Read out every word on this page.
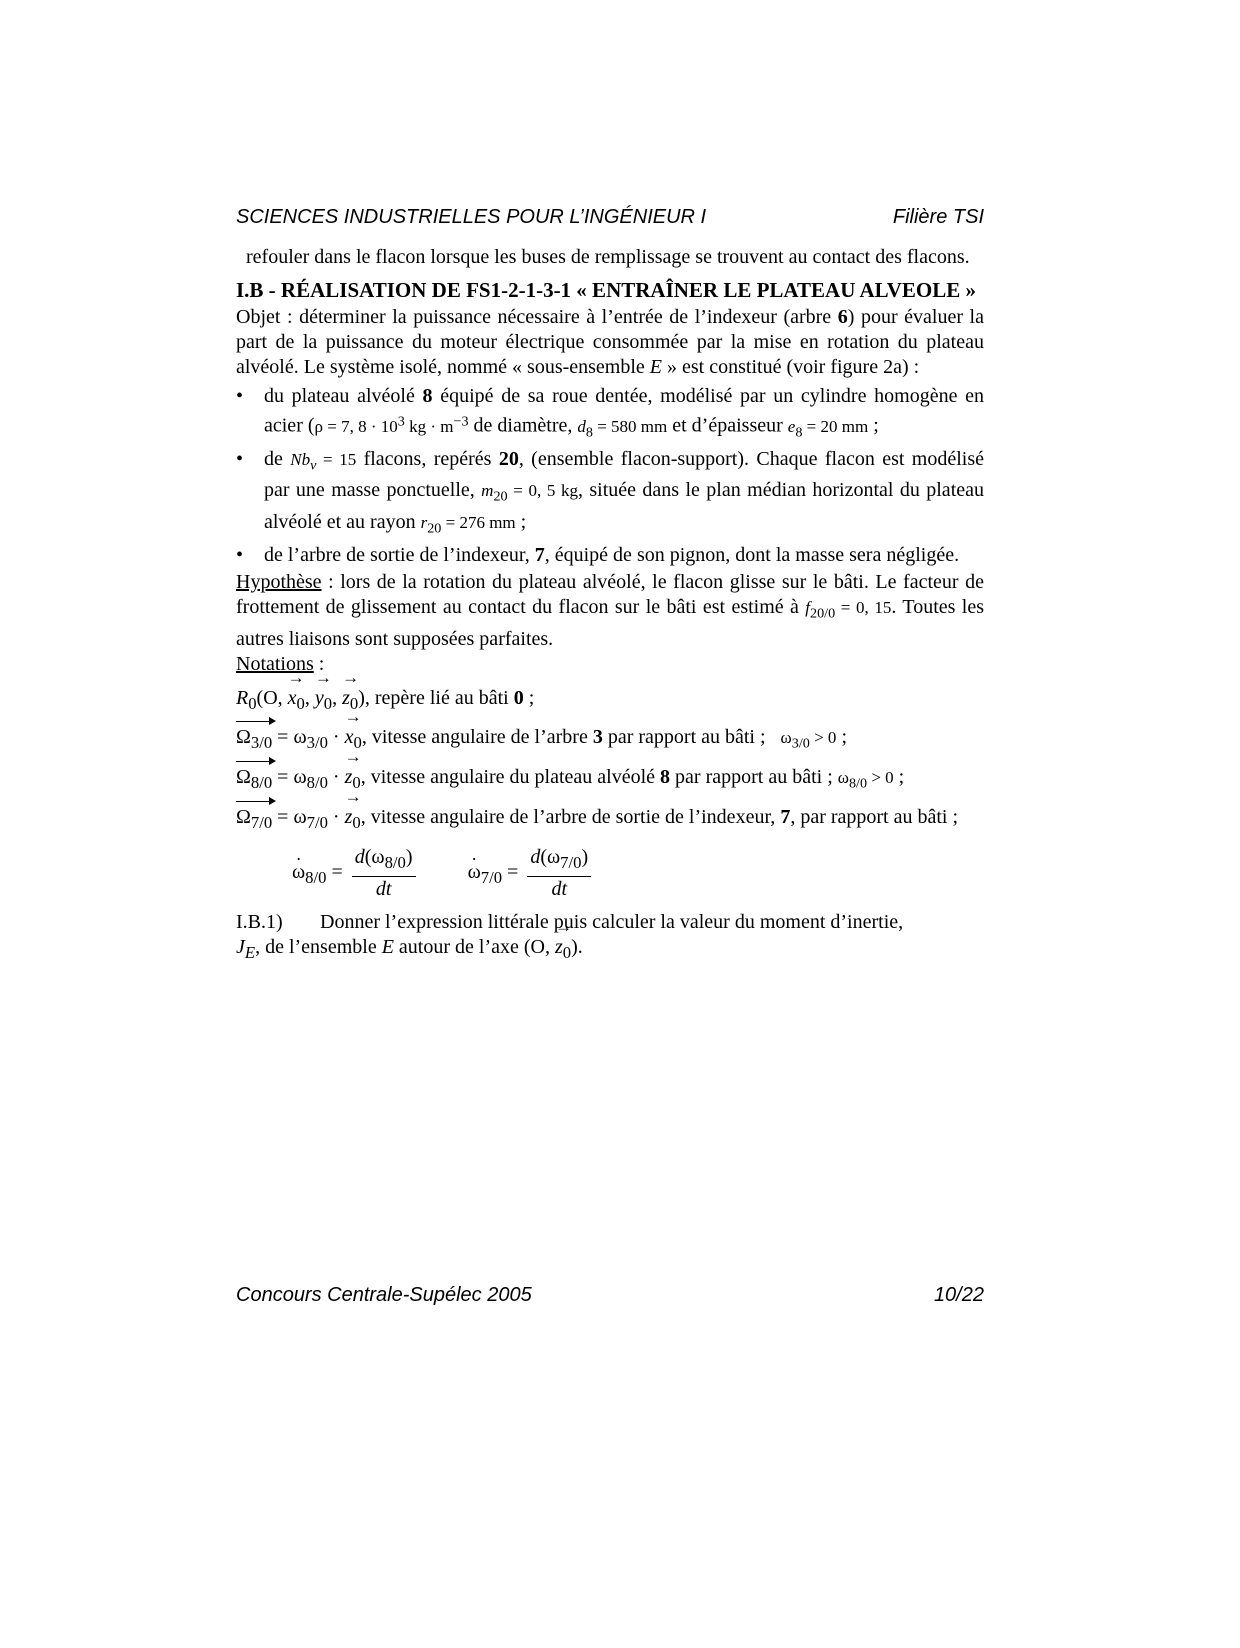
SCIENCES INDUSTRIELLES POUR L’INGÉNIEUR I	Filière TSI

refouler dans le flacon lorsque les buses de remplissage se trouvent au contact des flacons.

I.B - RÉALISATION DE FS1-2-1-3-1 « ENTRAÎNER LE PLATEAU ALVEOLE »

Objet : déterminer la puissance nécessaire à l’entrée de l’indexeur (arbre 6) pour évaluer la part de la puissance du moteur électrique consommée par la mise en rotation du plateau alvéolé. Le système isolé, nommé « sous-ensemble E » est constitué (voir figure 2a) :

• du plateau alvéolé 8 équipé de sa roue dentée, modélisé par un cylindre homogène en acier (ρ = 7, $8 \cdot 10^3$ kg · $m^{-3}$ de diamètre, $d_8 = 580$ mm et d’épaisseur $e_8 = 20$ mm ;
• de $Nb_v = 15$ flacons, repérés 20, (ensemble flacon-support). Chaque flacon est modélisé par une masse ponctuelle, $m_{20} = 0$, 5 kg, située dans le plan médian horizontal du plateau alvéolé et au rayon $r_{20} = 276$ mm ;
• de l’arbre de sortie de l’indexeur, 7, équipé de son pignon, dont la masse sera négligée.

Hypothèse : lors de la rotation du plateau alvéolé, le flacon glisse sur le bâti. Le facteur de frottement de glissement au contact du flacon sur le bâti est estimé à $f_{20/0} = 0$, 15. Toutes les autres liaisons sont supposées parfaites.

Notations :

$R_0(O$, → $x_0$, → $y_0$, → $z_0$), repère lié au bâti 0 ;

$\Omega_{3/0} = \omega_{3/0}$ · → $x_0$, vitesse angulaire de l’arbre 3 par rapport au bâti ; $\omega_{3/0} > 0$ ;

$\Omega_{8/0} = \omega_{8/0}$ · → $z_0$, vitesse angulaire du plateau alvéolé 8 par rapport au bâti ; $\omega_{8/0} > 0$ ;

$\Omega_{7/0} = \omega_{7/0}$ · → $z_0$, vitesse angulaire de l’arbre de sortie de l’indexeur, 7, par rapport au bâti ;

· $\omega_{8/0} = \frac{d(\omega_{8/0})}{dt}$
·	$\omega_{7/0} = \frac{d(\omega_{7/0})}{dt}$
I.B.1)	Donner l’expression littérale puis calculer la valeur du moment d’inertie,

$J_E$, de l’ensemble E autour de l’axe (O, → $z_0$).

Concours Centrale-Supélec 2005	10/22
